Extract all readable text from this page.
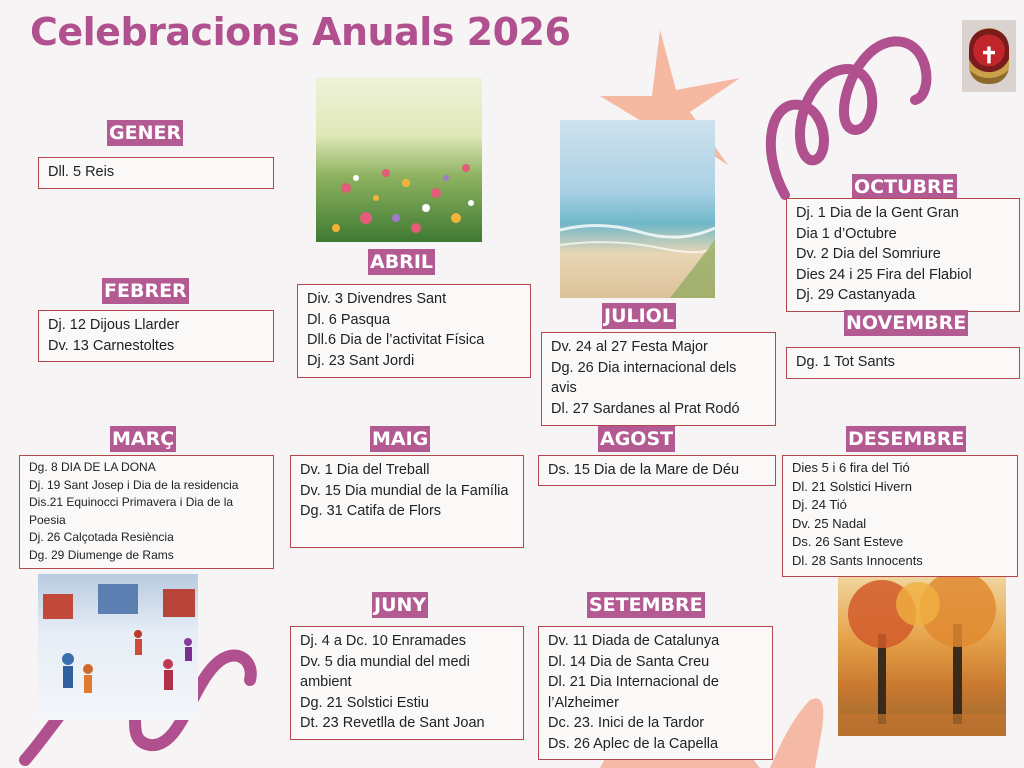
Celebracions Anuals 2026
✝
GENER
Dll. 5 Reis
FEBRER
Dj. 12 Dijous Llarder
Dv. 13 Carnestoltes
MARÇ
Dg. 8 DIA DE LA DONA
Dj. 19 Sant Josep i Dia de la residencia
Dis.21 Equinocci Primavera i Dia de la Poesia
Dj. 26 Calçotada Resiència
Dg. 29 Diumenge de Rams
ABRIL
Div. 3 Divendres Sant
Dl. 6 Pasqua
Dll.6 Dia de l’activitat Física
Dj. 23 Sant Jordi
MAIG
Dv. 1 Dia del Treball
Dv. 15 Dia mundial de la Família
Dg. 31 Catifa de Flors
JUNY
Dj. 4 a Dc. 10 Enramades
Dv. 5 dia mundial del medi ambient
Dg. 21 Solstici Estiu
Dt. 23 Revetlla de Sant Joan
JULIOL
Dv. 24 al 27 Festa Major
Dg. 26 Dia internacional dels avis
Dl. 27 Sardanes al Prat Rodó
AGOST
Ds. 15 Dia de la Mare de Déu
SETEMBRE
Dv. 11 Diada de Catalunya
Dl. 14 Dia de Santa Creu
Dl. 21 Dia Internacional de l’Alzheimer
Dc. 23. Inici de la Tardor
Ds. 26 Aplec de la Capella
OCTUBRE
Dj. 1 Dia de la Gent Gran
Dia 1 d’Octubre
Dv. 2 Dia del Somriure
Dies 24 i 25 Fira del Flabiol
Dj. 29 Castanyada
NOVEMBRE
Dg. 1 Tot Sants
DESEMBRE
Dies 5 i 6 fira del Tió
Dl. 21 Solstici Hivern
Dj. 24 Tió
Dv. 25 Nadal
Ds. 26 Sant Esteve
Dl. 28 Sants Innocents
